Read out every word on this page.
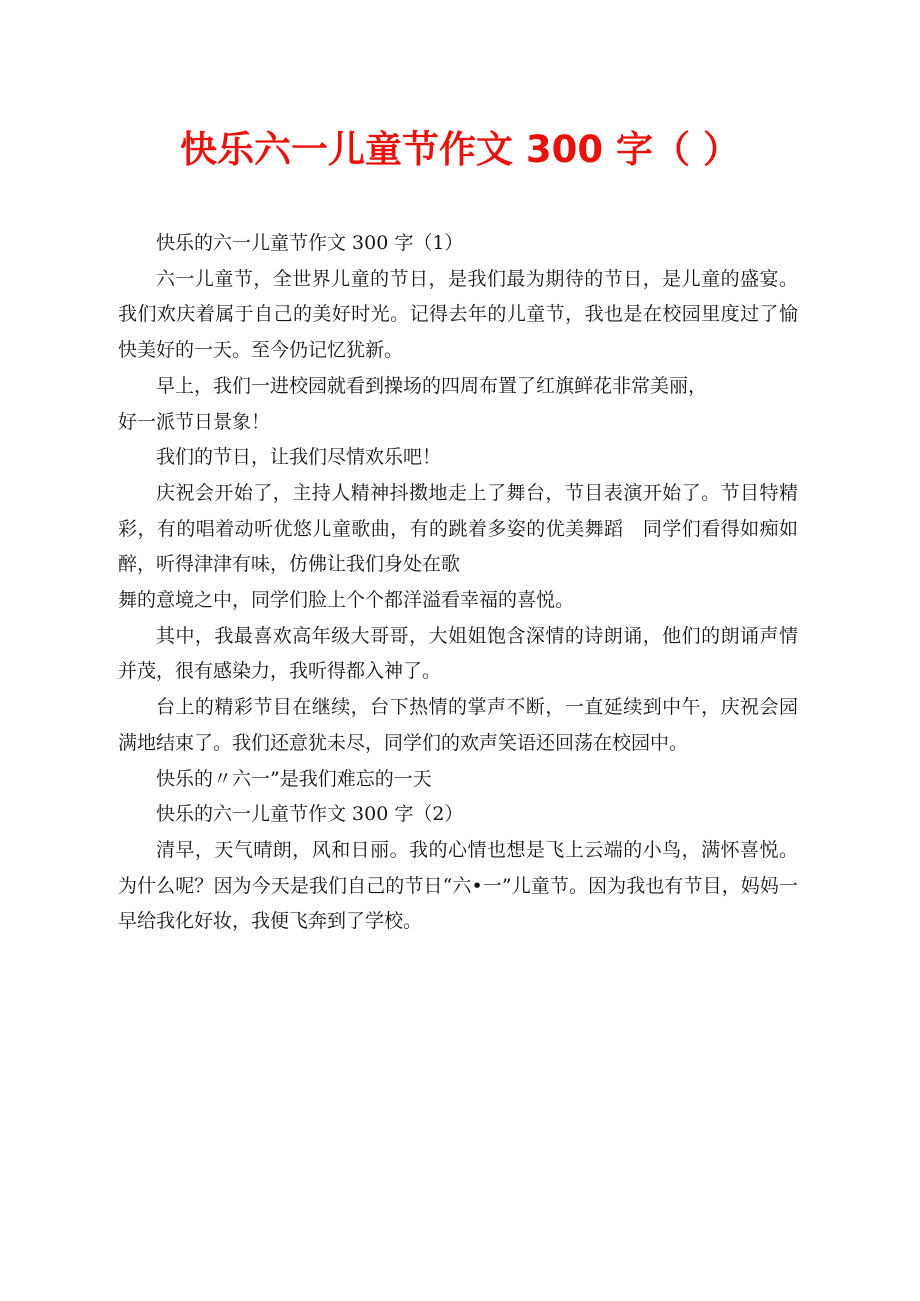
快乐六一儿童节作文 300 字（ ）

快乐的六一儿童节作文 300 字（1）

六一儿童节，全世界儿童的节日，是我们最为期待的节日，是儿童的盛宴。我们欢庆着属于自己的美好时光。记得去年的儿童节，我也是在校园里度过了愉快美好的一天。至今仍记忆犹新。

早上，我们一进校园就看到操场的四周布置了红旗鲜花非常美丽，

好一派节日景象！

我们的节日，让我们尽情欢乐吧！

庆祝会开始了，主持人精神抖擞地走上了舞台，节目表演开始了。节目特精彩，有的唱着动听优悠儿童歌曲，有的跳着多姿的优美舞蹈　同学们看得如痴如醉，听得津津有味，仿佛让我们身处在歌

舞的意境之中，同学们脸上个个都洋溢看幸福的喜悦。

其中，我最喜欢高年级大哥哥，大姐姐饱含深情的诗朗诵，他们的朗诵声情并茂，很有感染力，我听得都入神了。

台上的精彩节目在继续，台下热情的掌声不断，一直延续到中午，庆祝会园满地结束了。我们还意犹未尽，同学们的欢声笑语还回荡在校园中。

快乐的〃六一”是我们难忘的一天

快乐的六一儿童节作文 300 字（2）

清早，天气晴朗，风和日丽。我的心情也想是飞上云端的小鸟，满怀喜悦。为什么呢？因为今天是我们自己的节日“六•一”儿童节。因为我也有节目，妈妈一早给我化好妆，我便飞奔到了学校。
